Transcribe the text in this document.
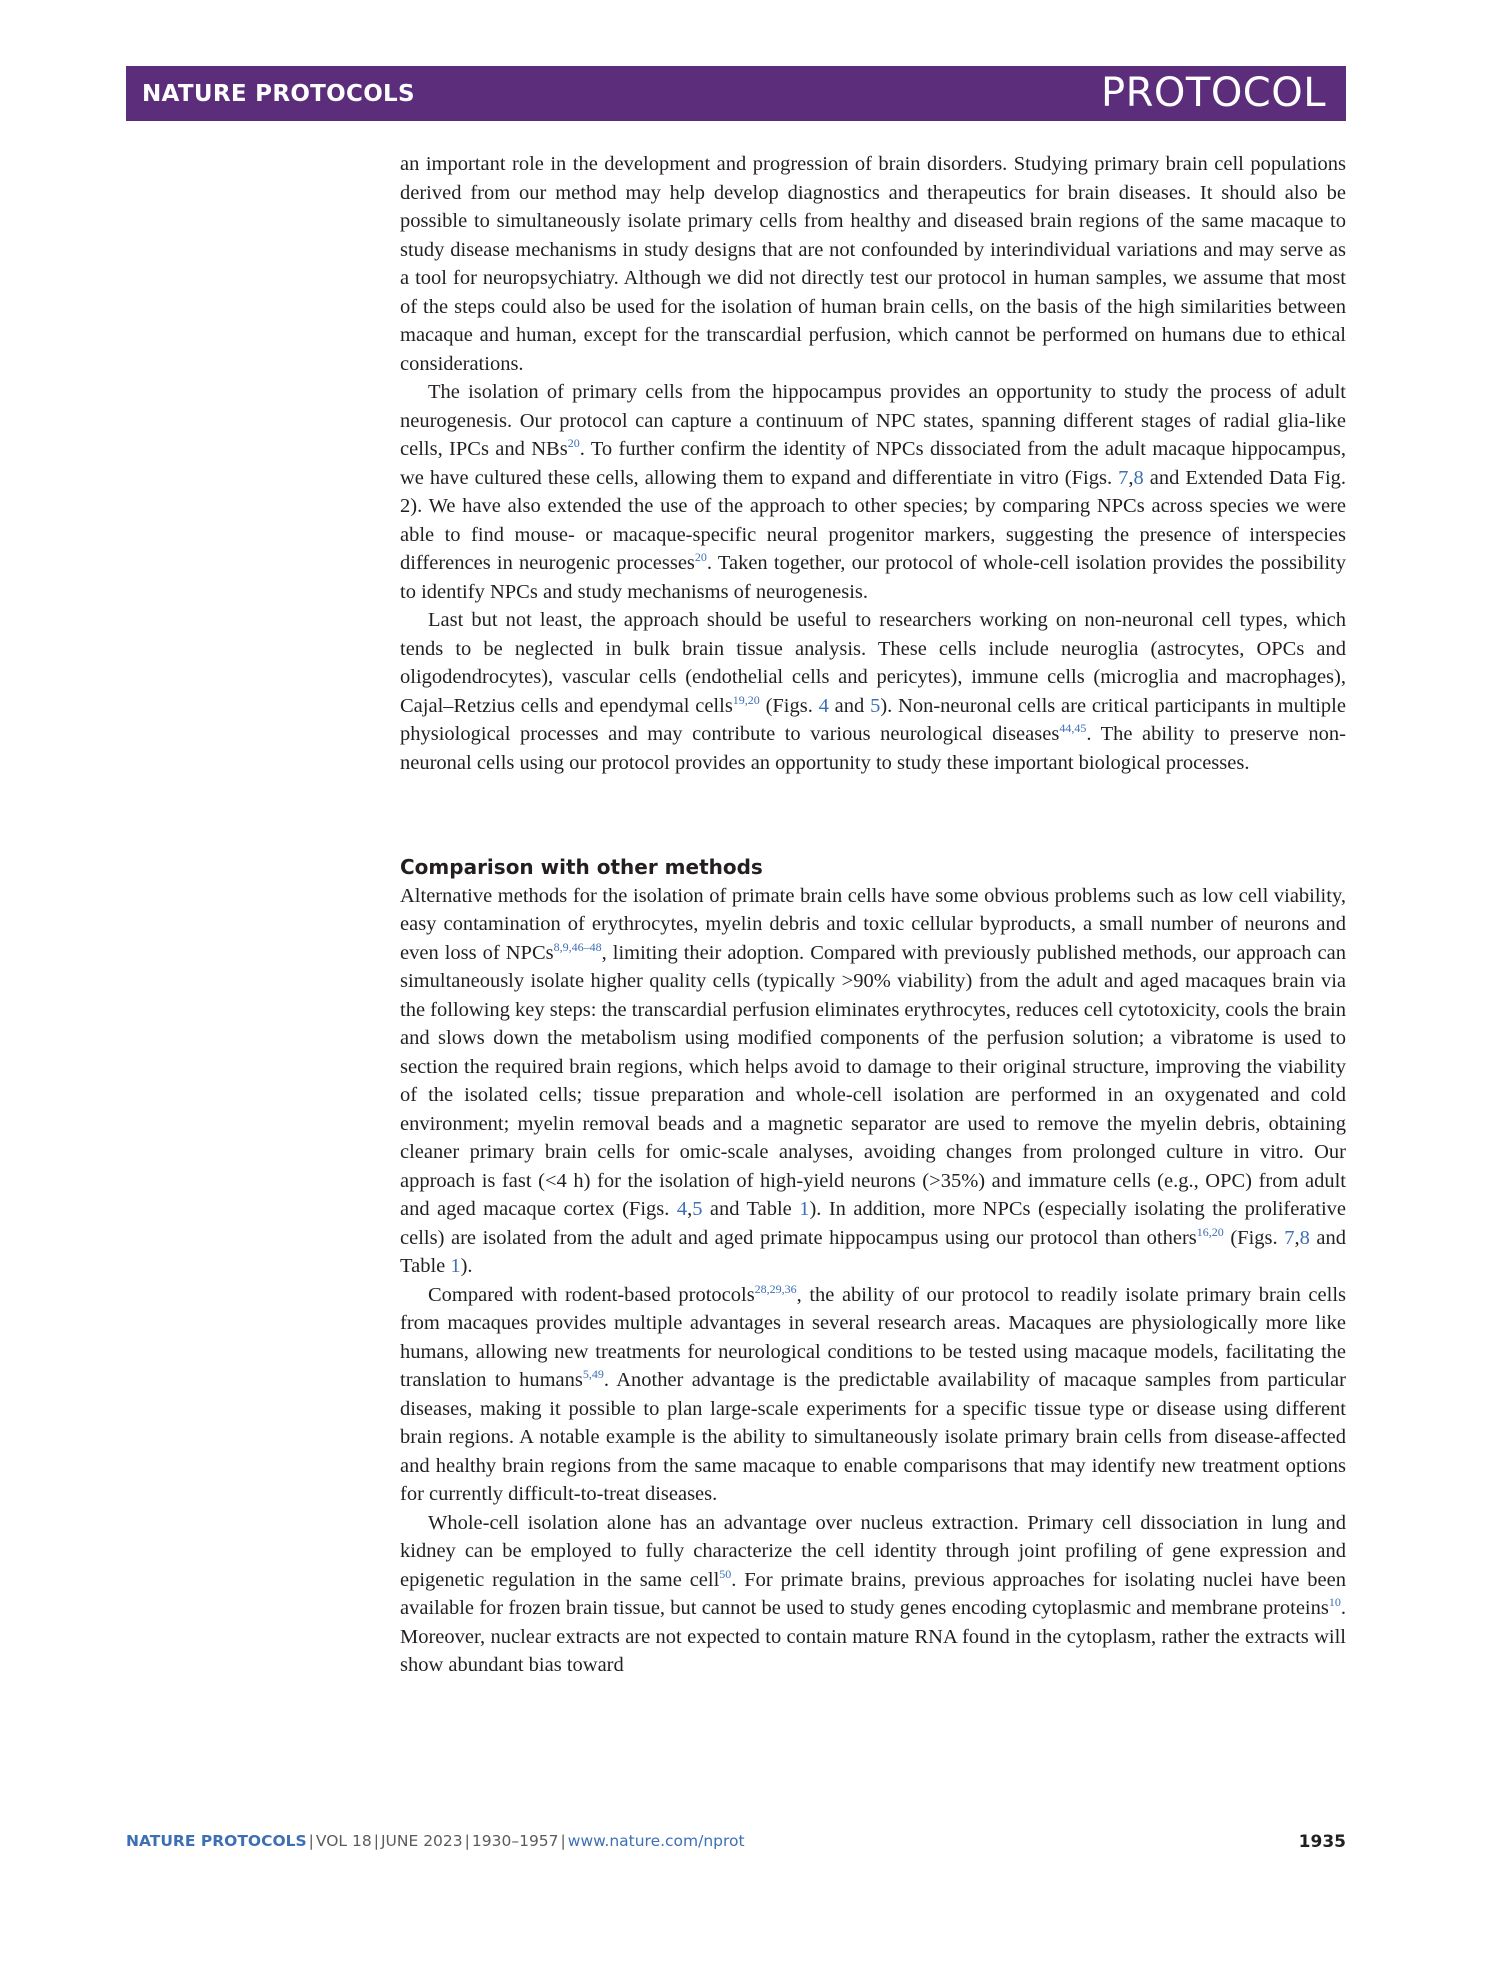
NATURE PROTOCOLS	PROTOCOL

an important role in the development and progression of brain disorders. Studying primary brain cell populations derived from our method may help develop diagnostics and therapeutics for brain diseases. It should also be possible to simultaneously isolate primary cells from healthy and diseased brain regions of the same macaque to study disease mechanisms in study designs that are not confounded by interindividual variations and may serve as a tool for neuropsychiatry. Although we did not directly test our protocol in human samples, we assume that most of the steps could also be used for the isolation of human brain cells, on the basis of the high similarities between macaque and human, except for the transcardial perfusion, which cannot be performed on humans due to ethical considerations.

The isolation of primary cells from the hippocampus provides an opportunity to study the process of adult neurogenesis. Our protocol can capture a continuum of NPC states, spanning different stages of radial glia-like cells, IPCs and NBs$^{20}$. To further confirm the identity of NPCs dissociated from the adult macaque hippocampus, we have cultured these cells, allowing them to expand and differentiate in vitro (Figs. 7,8 and Extended Data Fig. 2). We have also extended the use of the approach to other species; by comparing NPCs across species we were able to find mouse- or macaque-specific neural progenitor markers, suggesting the presence of interspecies differences in neurogenic processes$^{20}$. Taken together, our protocol of whole-cell isolation provides the possibility to identify NPCs and study mechanisms of neurogenesis.

Last but not least, the approach should be useful to researchers working on non-neuronal cell types, which tends to be neglected in bulk brain tissue analysis. These cells include neuroglia (astrocytes, OPCs and oligodendrocytes), vascular cells (endothelial cells and pericytes), immune cells (microglia and macrophages), Cajal–Retzius cells and ependymal cells$^{19,20}$ (Figs. 4 and 5). Non-neuronal cells are critical participants in multiple physiological processes and may contribute to various neurological diseases$^{44,45}$. The ability to preserve non-neuronal cells using our protocol provides an opportunity to study these important biological processes.

Comparison with other methods

Alternative methods for the isolation of primate brain cells have some obvious problems such as low cell viability, easy contamination of erythrocytes, myelin debris and toxic cellular byproducts, a small number of neurons and even loss of NPCs$^{8,9,46-48}$, limiting their adoption. Compared with previously published methods, our approach can simultaneously isolate higher quality cells (typically >90% viability) from the adult and aged macaques brain via the following key steps: the transcardial perfusion eliminates erythrocytes, reduces cell cytotoxicity, cools the brain and slows down the metabolism using modified components of the perfusion solution; a vibratome is used to section the required brain regions, which helps avoid to damage to their original structure, improving the viability of the isolated cells; tissue preparation and whole-cell isolation are performed in an oxygenated and cold environment; myelin removal beads and a magnetic separator are used to remove the myelin debris, obtaining cleaner primary brain cells for omic-scale analyses, avoiding changes from prolonged culture in vitro. Our approach is fast (<4 h) for the isolation of high-yield neurons (>35%) and immature cells (e.g., OPC) from adult and aged macaque cortex (Figs. 4,5 and Table 1). In addition, more NPCs (especially isolating the proliferative cells) are isolated from the adult and aged primate hippocampus using our protocol than others$^{16,20}$ (Figs. 7,8 and Table 1).

Compared with rodent-based protocols$^{28,29,36}$, the ability of our protocol to readily isolate primary brain cells from macaques provides multiple advantages in several research areas. Macaques are physiologically more like humans, allowing new treatments for neurological conditions to be tested using macaque models, facilitating the translation to humans$^{5,49}$. Another advantage is the predictable availability of macaque samples from particular diseases, making it possible to plan large-scale experiments for a specific tissue type or disease using different brain regions. A notable example is the ability to simultaneously isolate primary brain cells from disease-affected and healthy brain regions from the same macaque to enable comparisons that may identify new treatment options for currently difficult-to-treat diseases.

Whole-cell isolation alone has an advantage over nucleus extraction. Primary cell dissociation in lung and kidney can be employed to fully characterize the cell identity through joint profiling of gene expression and epigenetic regulation in the same cell$^{50}$. For primate brains, previous approaches for isolating nuclei have been available for frozen brain tissue, but cannot be used to study genes encoding cytoplasmic and membrane proteins$^{10}$. Moreover, nuclear extracts are not expected to contain mature RNA found in the cytoplasm, rather the extracts will show abundant bias toward

NATURE PROTOCOLS | VOL 18 | JUNE 2023 | 1930–1957 | www.nature.com/nprot	1935
